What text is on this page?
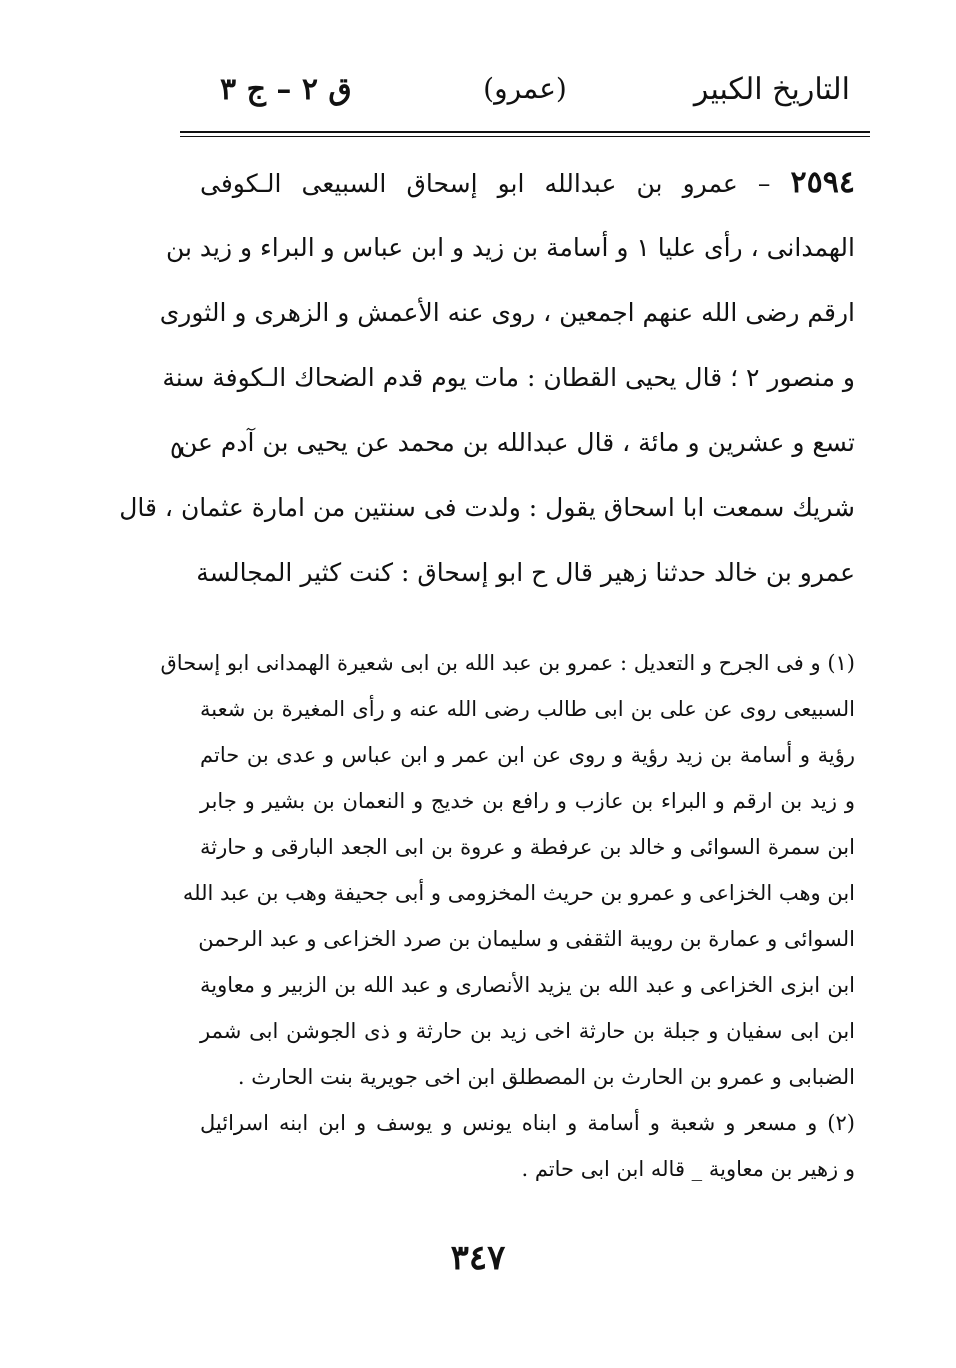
التاريخ الكبير
(عمرو)
ق ٢ – ج ٣
٢٥٩٤ – عمرو بن عبدالله ابو إسحاق السبيعى الـكوفى
الهمدانى ، رأى عليا ١ و أسامة بن زيد و ابن عباس و البراء و زيد بن
ارقم رضى الله عنهم اجمعين ، روى عنه الأعمش و الزهرى و الثورى
و منصور ٢ ؛ قال يحيى القطان : مات يوم قدم الضحاك الـكوفة سنة
تسع و عشرين و مائة ، قال عبدالله بن محمد عن يحيى بن آدم عن
شريك سمعت ابا اسحاق يقول : ولدت فى سنتين من امارة عثمان ، قال
عمرو بن خالد حدثنا زهير قال ح ابو إسحاق : كنت كثير المجالسة
٥
(١) و فى الجرح و التعديل : عمرو بن عبد الله بن ابى شعيرة الهمدانى ابو إسحاق
السبيعى روى عن على بن ابى طالب رضى الله عنه و رأى المغيرة بن شعبة
رؤية و أسامة بن زيد رؤية و روى عن ابن عمر و ابن عباس و عدى بن حاتم
و زيد بن ارقم و البراء بن عازب و رافع بن خديج و النعمان بن بشير و جابر
ابن سمرة السوائى و خالد بن عرفطة و عروة بن ابى الجعد البارقى و حارثة
ابن وهب الخزاعى و عمرو بن حريث المخزومى و أبى جحيفة وهب بن عبد الله
السوائى و عمارة بن رويبة الثقفى و سليمان بن صرد الخزاعى و عبد الرحمن
ابن ابزى الخزاعى و عبد الله بن يزيد الأنصارى و عبد الله بن الزبير و معاوية
ابن ابى سفيان و جبلة بن حارثة اخى زيد بن حارثة و ذى الجوشن ابى شمر
الضبابى و عمرو بن الحارث بن المصطلق ابن اخى جويرية بنت الحارث .
(٢) و مسعر و شعبة و أسامة و ابناه يونس و يوسف و ابن ابنه اسرائيل
و زهير بن معاوية _ قاله ابن ابى حاتم .
٣٤٧
